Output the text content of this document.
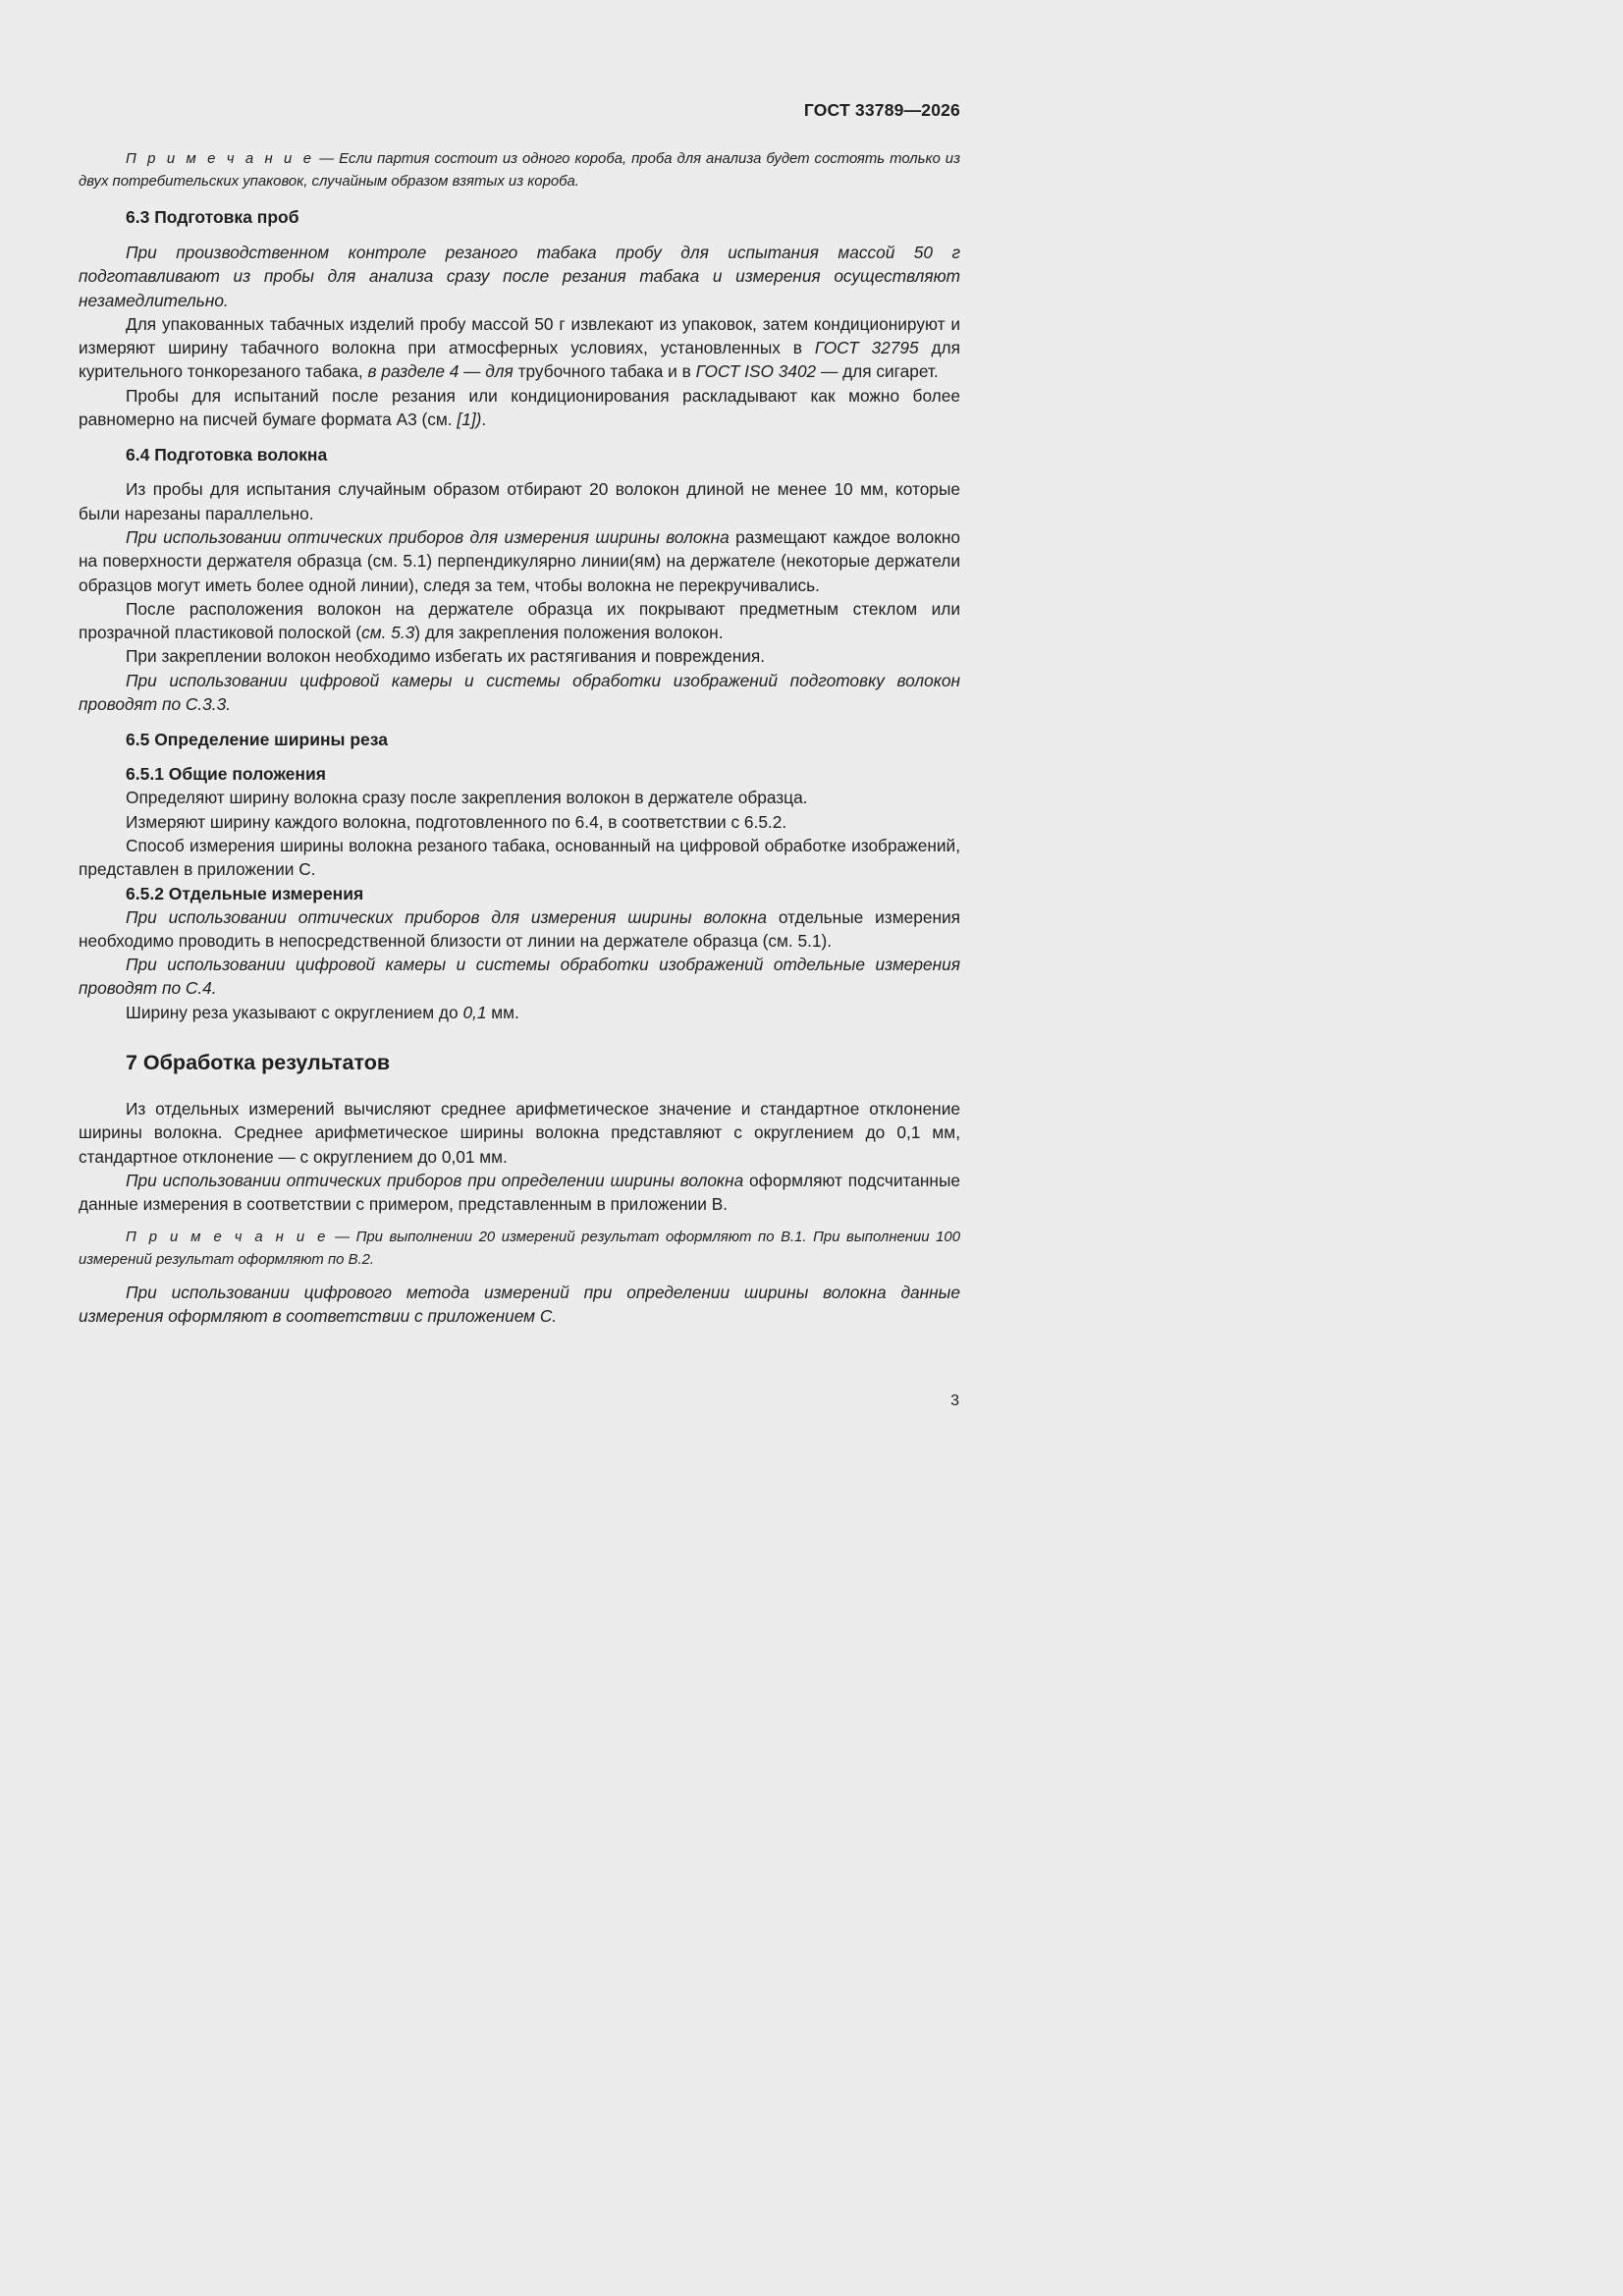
ГОСТ 33789—2026

П р и м е ч а н и е — Если партия состоит из одного короба, проба для анализа будет состоять только из двух потребительских упаковок, случайным образом взятых из короба.

6.3 Подготовка проб

При производственном контроле резаного табака пробу для испытания массой 50 г подготавливают из пробы для анализа сразу после резания табака и измерения осуществляют незамедлительно.

Для упакованных табачных изделий пробу массой 50 г извлекают из упаковок, затем кондиционируют и измеряют ширину табачного волокна при атмосферных условиях, установленных в ГОСТ 32795 для курительного тонкорезаного табака, в разделе 4 — для трубочного табака и в ГОСТ ISO 3402 — для сигарет.

Пробы для испытаний после резания или кондиционирования раскладывают как можно более равномерно на писчей бумаге формата А3 (см. [1]).

6.4 Подготовка волокна

Из пробы для испытания случайным образом отбирают 20 волокон длиной не менее 10 мм, которые были нарезаны параллельно.

При использовании оптических приборов для измерения ширины волокна размещают каждое волокно на поверхности держателя образца (см. 5.1) перпендикулярно линии(ям) на держателе (некоторые держатели образцов могут иметь более одной линии), следя за тем, чтобы волокна не перекручивались.

После расположения волокон на держателе образца их покрывают предметным стеклом или прозрачной пластиковой полоской (см. 5.3) для закрепления положения волокон.

При закреплении волокон необходимо избегать их растягивания и повреждения.

При использовании цифровой камеры и системы обработки изображений подготовку волокон проводят по С.3.3.

6.5 Определение ширины реза

6.5.1 Общие положения

Определяют ширину волокна сразу после закрепления волокон в держателе образца.

Измеряют ширину каждого волокна, подготовленного по 6.4, в соответствии с 6.5.2.

Способ измерения ширины волокна резаного табака, основанный на цифровой обработке изображений, представлен в приложении С.

6.5.2 Отдельные измерения

При использовании оптических приборов для измерения ширины волокна отдельные измерения необходимо проводить в непосредственной близости от линии на держателе образца (см. 5.1).

При использовании цифровой камеры и системы обработки изображений отдельные измерения проводят по С.4.

Ширину реза указывают с округлением до 0,1 мм.

7 Обработка результатов

Из отдельных измерений вычисляют среднее арифметическое значение и стандартное отклонение ширины волокна. Среднее арифметическое ширины волокна представляют с округлением до 0,1 мм, стандартное отклонение — с округлением до 0,01 мм.

При использовании оптических приборов при определении ширины волокна оформляют подсчитанные данные измерения в соответствии с примером, представленным в приложении В.

П р и м е ч а н и е — При выполнении 20 измерений результат оформляют по В.1. При выполнении 100 измерений результат оформляют по В.2.

При использовании цифрового метода измерений при определении ширины волокна данные измерения оформляют в соответствии с приложением С.

3
